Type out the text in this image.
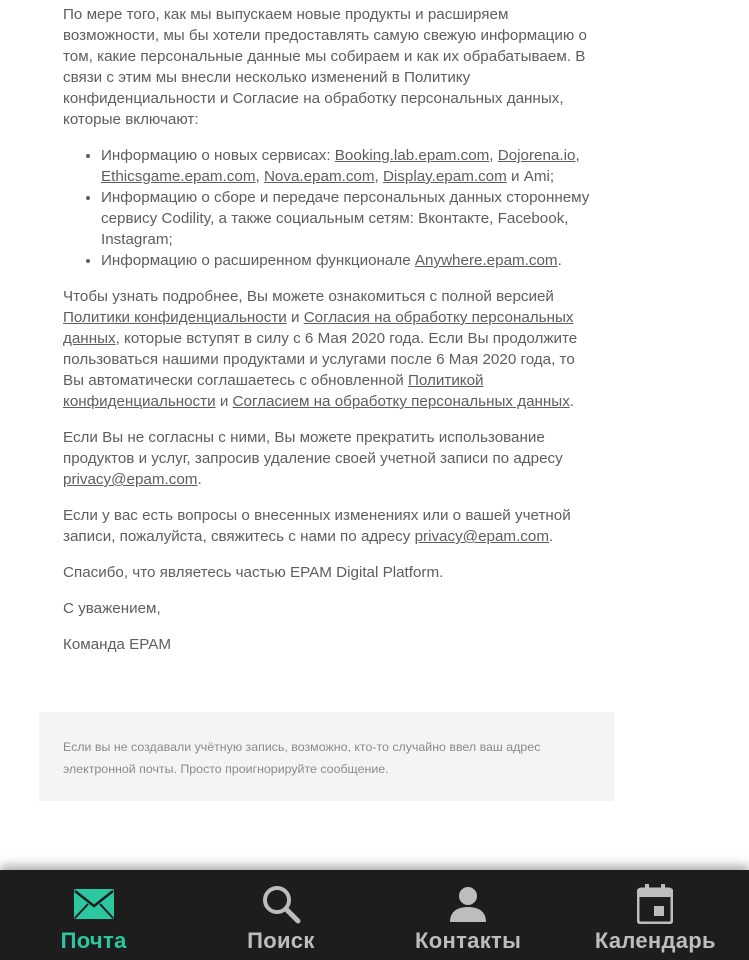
По мере того, как мы выпускаем новые продукты и расширяем возможности, мы бы хотели предоставлять самую свежую информацию о том, какие персональные данные мы собираем и как их обрабатываем. В связи с этим мы внесли несколько изменений в Политику конфиденциальности и Согласие на обработку персональных данных, которые включают:

• Информацию о новых сервисах: Booking.lab.epam.com, Dojorena.io, Ethicsgame.epam.com, Nova.epam.com, Display.epam.com и Ami;
• Информацию о сборе и передаче персональных данных стороннему сервису Codility, а также социальным сетям: Вконтакте, Facebook, Instagram;
• Информацию о расширенном функционале Anywhere.epam.com.

Чтобы узнать подробнее, Вы можете ознакомиться с полной версией Политики конфиденциальности и Согласия на обработку персональных данных, которые вступят в силу с 6 Мая 2020 года. Если Вы продолжите пользоваться нашими продуктами и услугами после 6 Мая 2020 года, то Вы автоматически соглашаетесь с обновленной Политикой конфиденциальности и Согласием на обработку персональных данных.

Если Вы не согласны с ними, Вы можете прекратить использование продуктов и услуг, запросив удаление своей учетной записи по адресу privacy@epam.com.

Если у вас есть вопросы о внесенных изменениях или о вашей учетной записи, пожалуйста, свяжитесь с нами по адресу privacy@epam.com.

Спасибо, что являетесь частью EPAM Digital Platform.

С уважением,

Команда EPAM

Если вы не создавали учётную запись, возможно, кто-то случайно ввел ваш адрес электронной почты. Просто проигнорируйте сообщение.
Почта	Поиск	Контакты	Календарь
